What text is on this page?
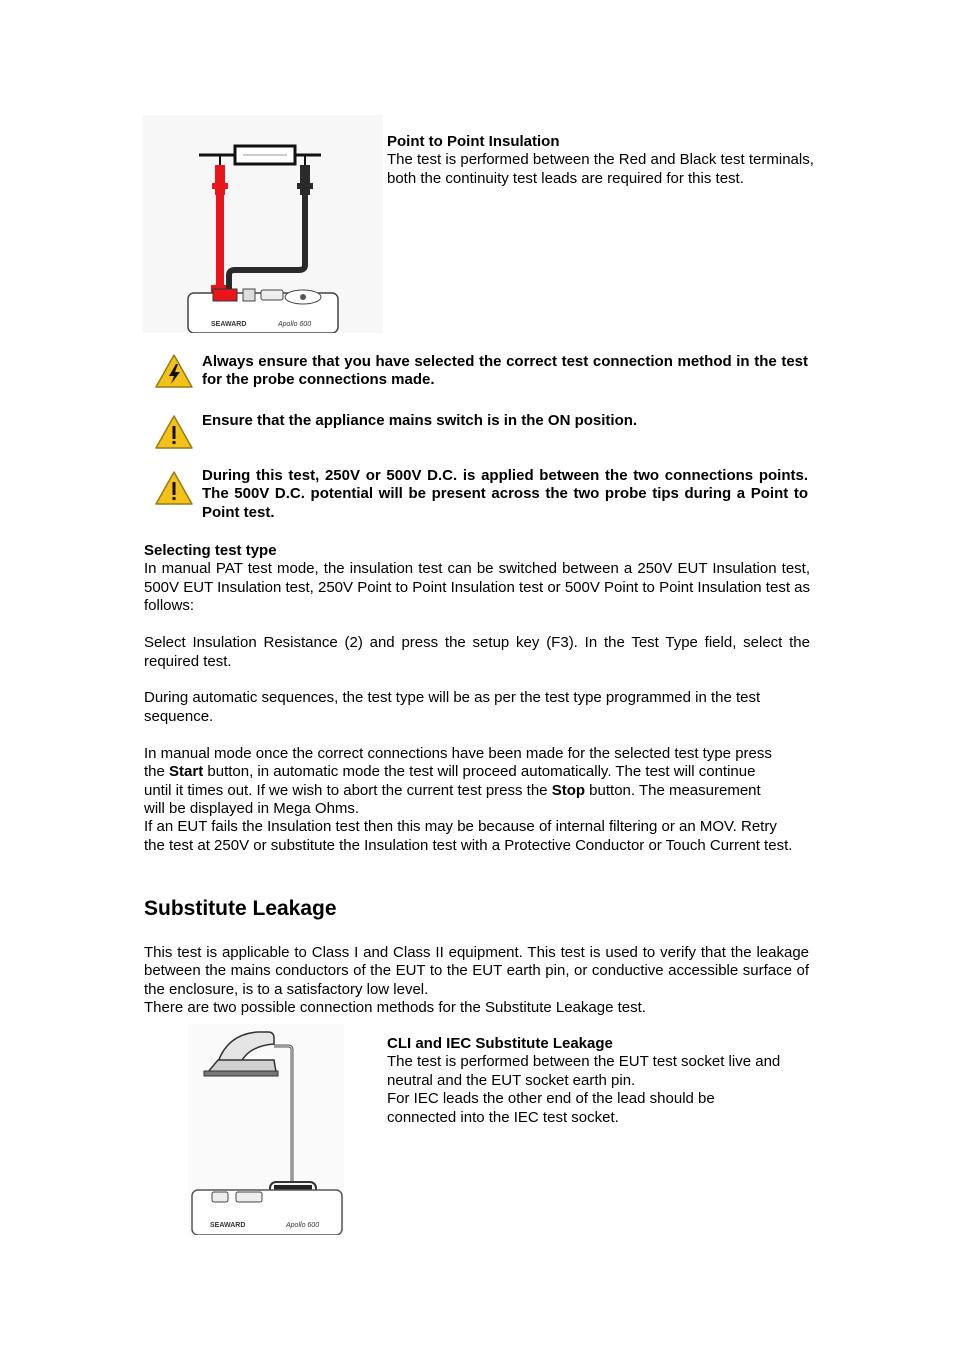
SEAWARD	Apollo 600

Point to Point Insulation

The test is performed between the Red and Black test terminals, both the continuity test leads are required for this test.

Always ensure that you have selected the correct test connection method in the test for the probe connections made.

Ensure that the appliance mains switch is in the ON position.

During this test, 250V or 500V D.C. is applied between the two connections points. The 500V D.C. potential will be present across the two probe tips during a Point to Point test.

Selecting test type

In manual PAT test mode, the insulation test can be switched between a 250V EUT Insulation test, 500V EUT Insulation test, 250V Point to Point Insulation test or 500V Point to Point Insulation test as follows:

Select Insulation Resistance (2) and press the setup key (F3). In the Test Type field, select the required test.

During automatic sequences, the test type will be as per the test type programmed in the test sequence.

In manual mode once the correct connections have been made for the selected test type press the Start button, in automatic mode the test will proceed automatically. The test will continue until it times out. If we wish to abort the current test press the Stop button. The measurement will be displayed in Mega Ohms.

If an EUT fails the Insulation test then this may be because of internal filtering or an MOV. Retry the test at 250V or substitute the Insulation test with a Protective Conductor or Touch Current test.

Substitute Leakage

This test is applicable to Class I and Class II equipment. This test is used to verify that the leakage between the mains conductors of the EUT to the EUT earth pin, or conductive accessible surface of the enclosure, is to a satisfactory low level.

There are two possible connection methods for the Substitute Leakage test.

SEAWARD	Apollo 600

CLI and IEC Substitute Leakage

The test is performed between the EUT test socket live and neutral and the EUT socket earth pin.

For IEC leads the other end of the lead should be connected into the IEC test socket.
